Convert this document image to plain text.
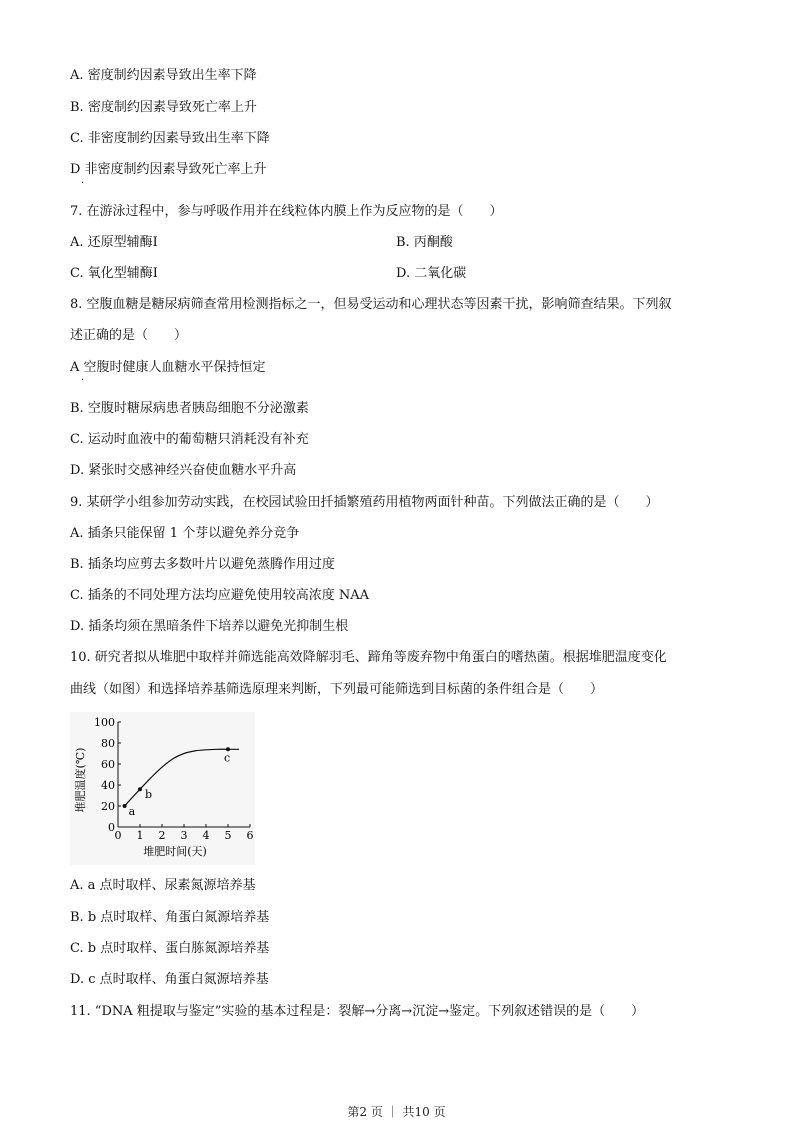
A. 密度制约因素导致出生率下降
B. 密度制约因素导致死亡率上升
C. 非密度制约因素导致出生率下降
D 非密度制约因素导致死亡率上升
·
7. 在游泳过程中，参与呼吸作用并在线粒体内膜上作为反应物的是（　　）
A. 还原型辅酶Ⅰ	B. 丙酮酸
C. 氧化型辅酶Ⅰ	D. 二氧化碳
8. 空腹血糖是糖尿病筛查常用检测指标之一，但易受运动和心理状态等因素干扰，影响筛查结果。下列叙
述正确的是（　　）
A 空腹时健康人血糖水平保持恒定
·
B. 空腹时糖尿病患者胰岛细胞不分泌激素
C. 运动时血液中的葡萄糖只消耗没有补充
D. 紧张时交感神经兴奋使血糖水平升高
9. 某研学小组参加劳动实践，在校园试验田扦插繁殖药用植物两面针种苗。下列做法正确的是（　　）
A. 插条只能保留 1 个芽以避免养分竞争
B. 插条均应剪去多数叶片以避免蒸腾作用过度
C. 插条的不同处理方法均应避免使用较高浓度 NAA
D. 插条均须在黑暗条件下培养以避免光抑制生根
10. 研究者拟从堆肥中取样并筛选能高效降解羽毛、蹄角等废弃物中角蛋白的嗜热菌。根据堆肥温度变化
曲线（如图）和选择培养基筛选原理来判断，下列最可能筛选到目标菌的条件组合是（　　）
0 1 2 3 4 5 6
0
20
40
60
80
100
a
b
c
堆肥时间(天)
堆肥温度(℃)
A. a 点时取样、尿素氮源培养基
B. b 点时取样、角蛋白氮源培养基
C. b 点时取样、蛋白胨氮源培养基
D. c 点时取样、角蛋白氮源培养基
11. “DNA 粗提取与鉴定”实验的基本过程是：裂解→分离→沉淀→鉴定。下列叙述错误的是（　　）
第2 页 ｜ 共10 页
